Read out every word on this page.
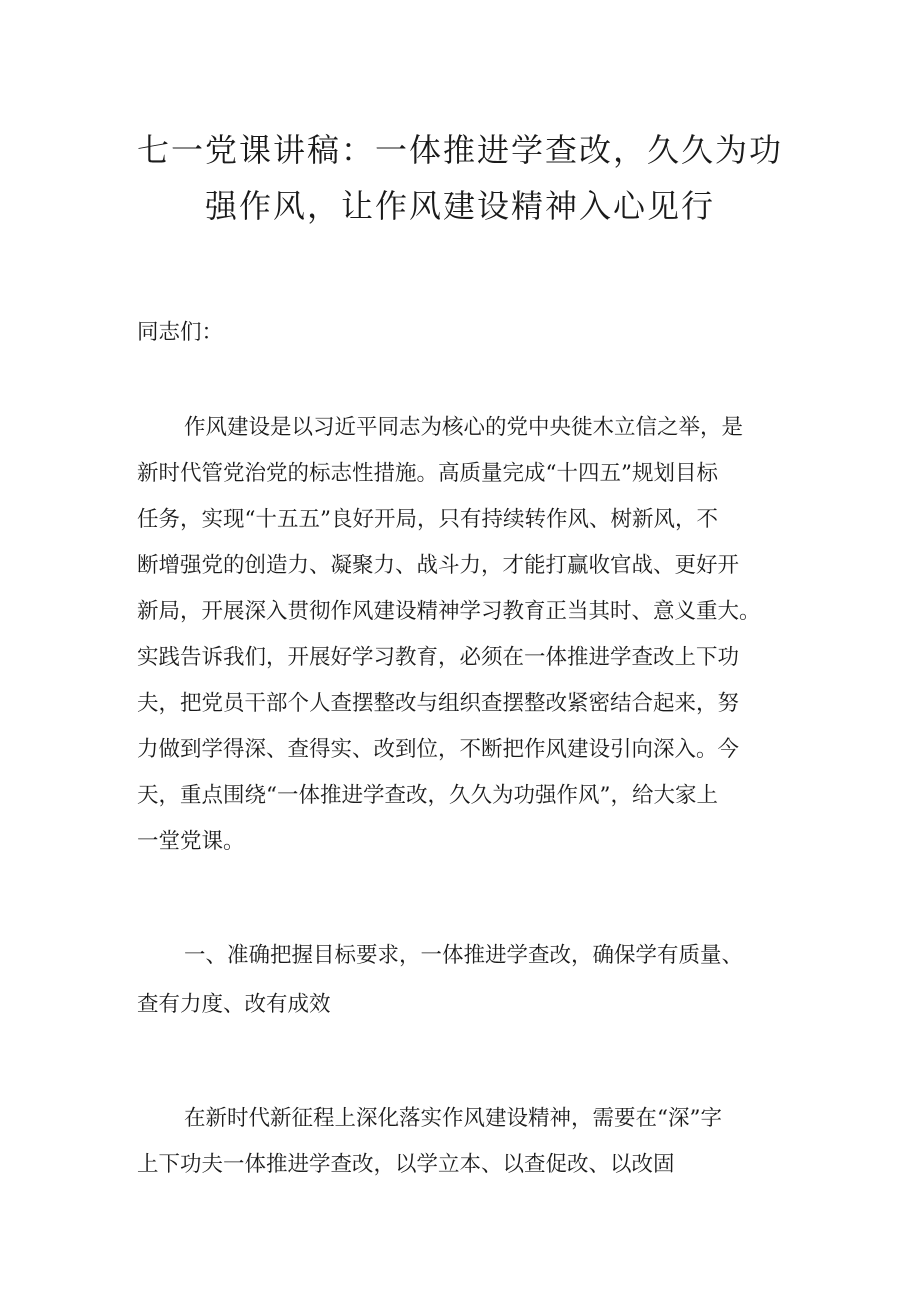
七一党课讲稿：一体推进学查改，久久为功
强作风，让作风建设精神入心见行

同志们：

作风建设是以习近平同志为核心的党中央徙木立信之举，是

新时代管党治党的标志性措施。高质量完成“十四五”规划目标

任务，实现“十五五”良好开局，只有持续转作风、树新风，不

断增强党的创造力、凝聚力、战斗力，才能打赢收官战、更好开

新局，开展深入贯彻作风建设精神学习教育正当其时、意义重大。

实践告诉我们，开展好学习教育，必须在一体推进学查改上下功

夫，把党员干部个人查摆整改与组织查摆整改紧密结合起来，努

力做到学得深、查得实、改到位，不断把作风建设引向深入。今

天，重点围绕“一体推进学查改，久久为功强作风”，给大家上

一堂党课。

一、准确把握目标要求，一体推进学查改，确保学有质量、

查有力度、改有成效

在新时代新征程上深化落实作风建设精神，需要在“深”字

上下功夫一体推进学查改，以学立本、以查促改、以改固
